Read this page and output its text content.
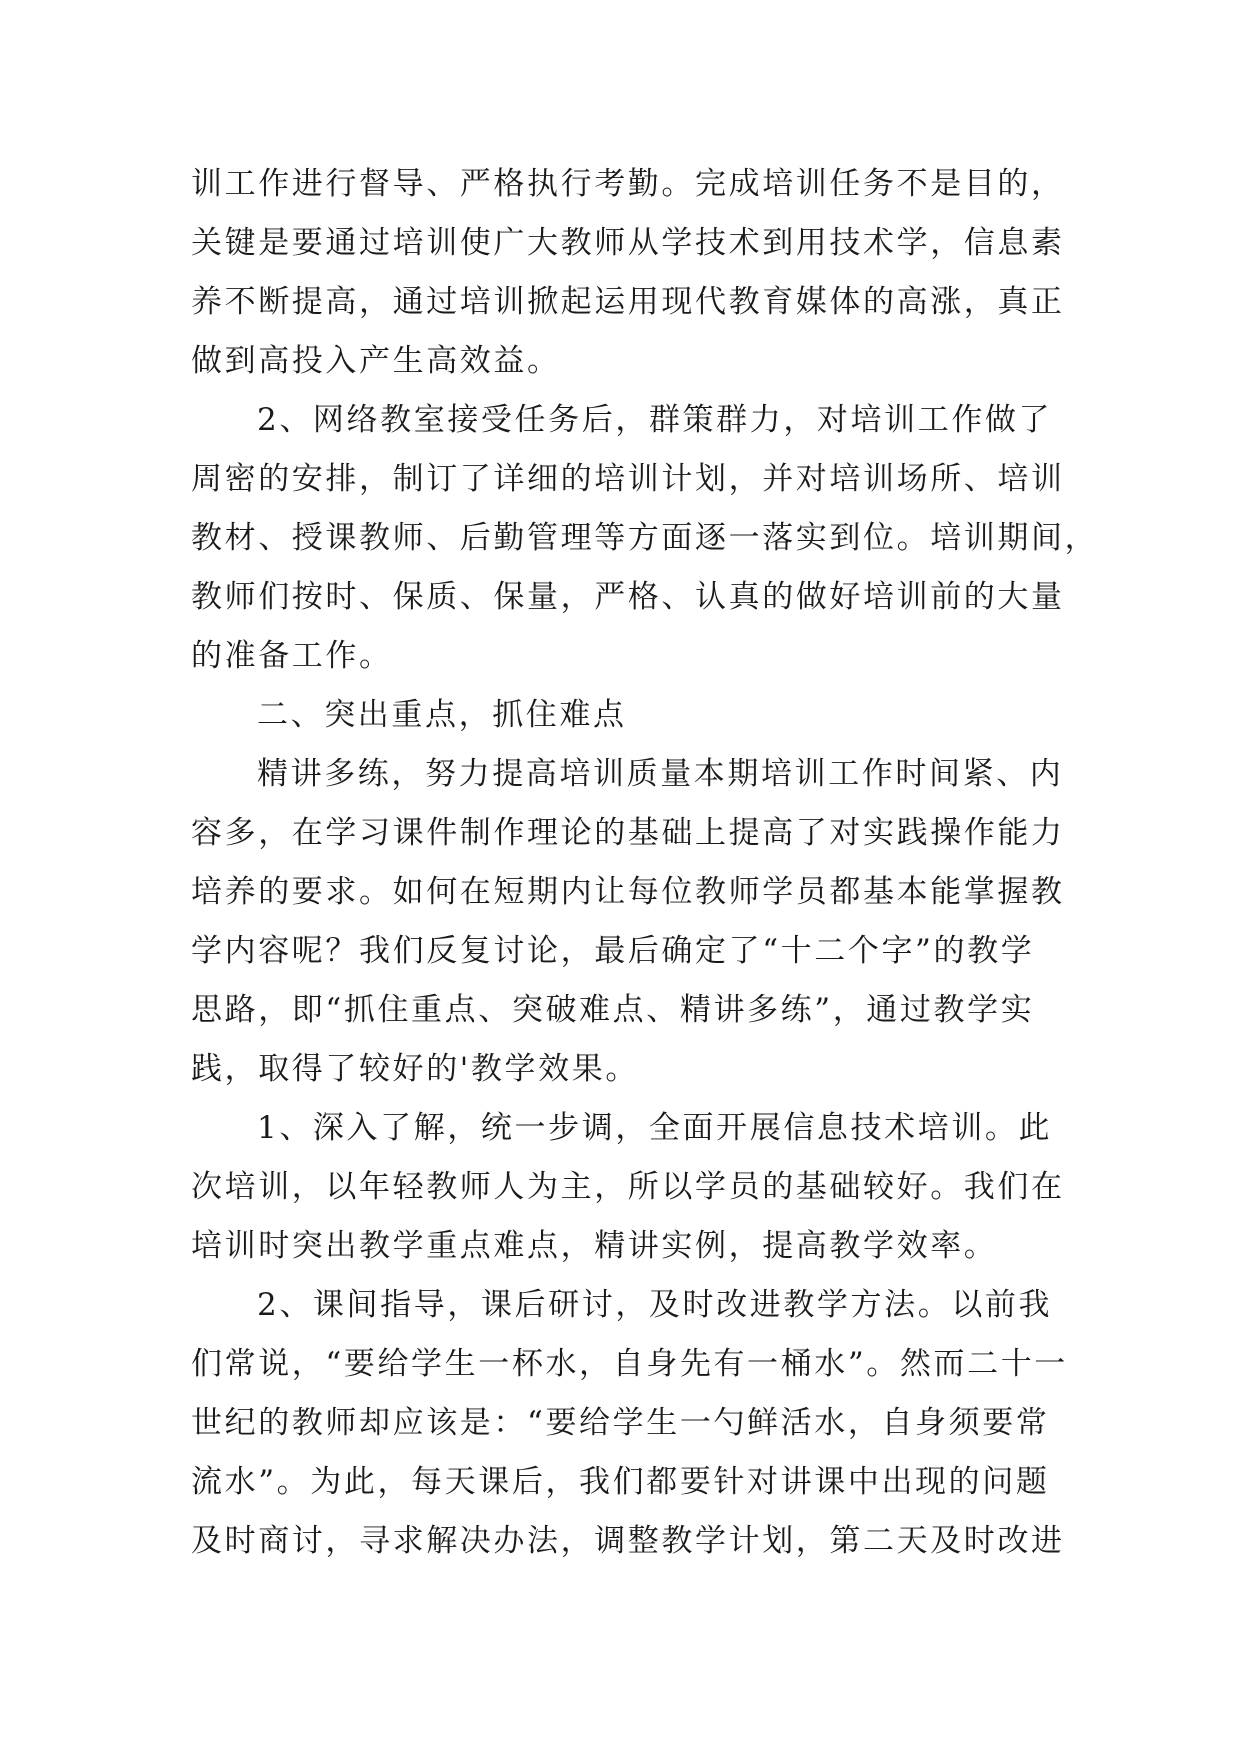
训工作进行督导、严格执行考勤。完成培训任务不是目的，
关键是要通过培训使广大教师从学技术到用技术学，信息素
养不断提高，通过培训掀起运用现代教育媒体的高涨，真正
做到高投入产生高效益。
2、网络教室接受任务后，群策群力，对培训工作做了
周密的安排，制订了详细的培训计划，并对培训场所、培训
教材、授课教师、后勤管理等方面逐一落实到位。培训期间，
教师们按时、保质、保量，严格、认真的做好培训前的大量
的准备工作。
二、突出重点，抓住难点
精讲多练，努力提高培训质量本期培训工作时间紧、内
容多，在学习课件制作理论的基础上提高了对实践操作能力
培养的要求。如何在短期内让每位教师学员都基本能掌握教
学内容呢？我们反复讨论，最后确定了“十二个字”的教学
思路，即“抓住重点、突破难点、精讲多练”，通过教学实
践，取得了较好的'教学效果。
1、深入了解，统一步调，全面开展信息技术培训。此
次培训，以年轻教师人为主，所以学员的基础较好。我们在
培训时突出教学重点难点，精讲实例，提高教学效率。
2、课间指导，课后研讨，及时改进教学方法。以前我
们常说，“要给学生一杯水，自身先有一桶水”。然而二十一
世纪的教师却应该是：“要给学生一勺鲜活水，自身须要常
流水”。为此，每天课后，我们都要针对讲课中出现的问题
及时商讨，寻求解决办法，调整教学计划，第二天及时改进
